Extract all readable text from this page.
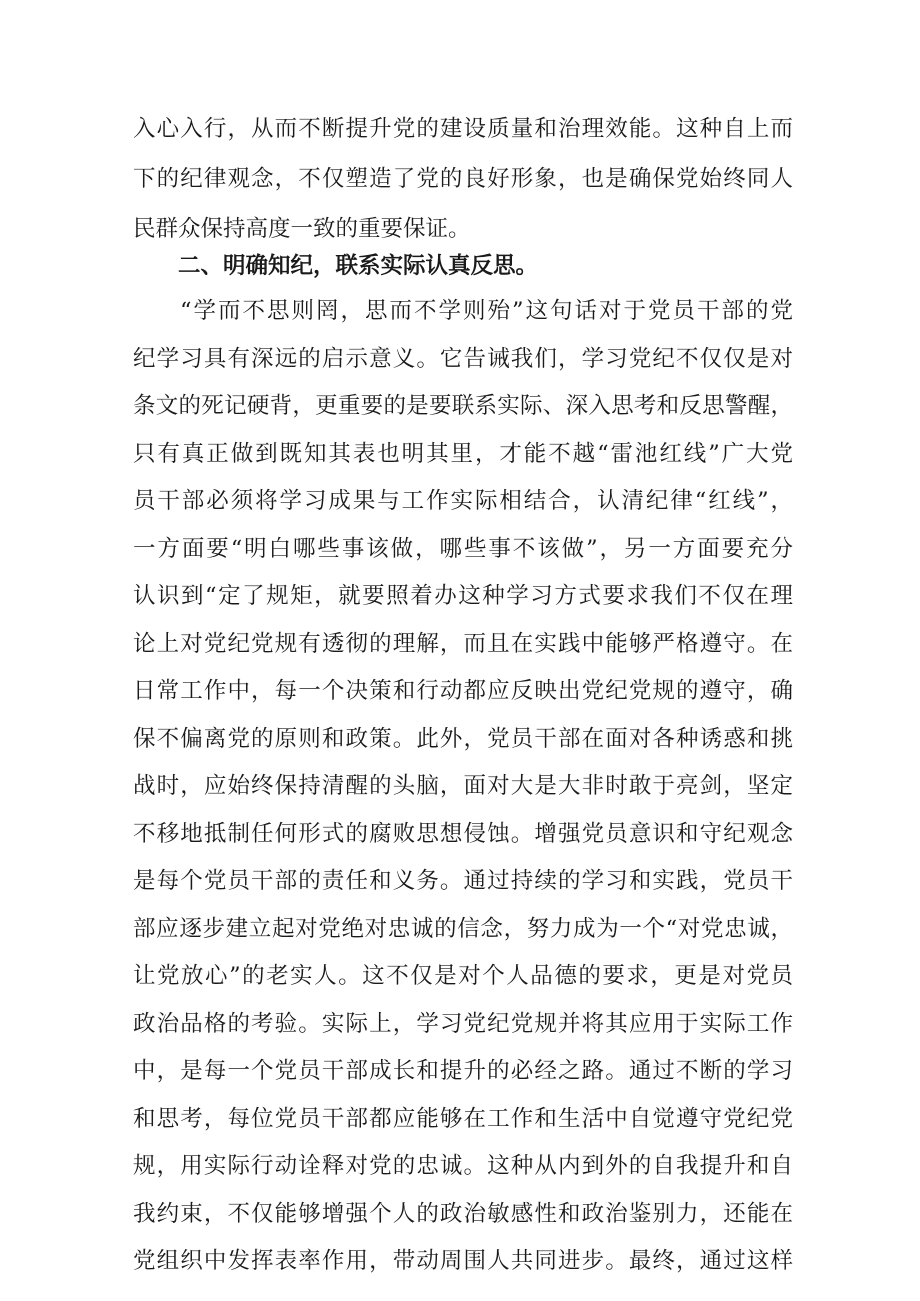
入心入行，从而不断提升党的建设质量和治理效能。这种自上而
下的纪律观念，不仅塑造了党的良好形象，也是确保党始终同人
民群众保持高度一致的重要保证。
二、明确知纪，联系实际认真反思。
“学而不思则罔，思而不学则殆”这句话对于党员干部的党
纪学习具有深远的启示意义。它告诫我们，学习党纪不仅仅是对
条文的死记硬背，更重要的是要联系实际、深入思考和反思警醒，
只有真正做到既知其表也明其里，才能不越“雷池红线”广大党
员干部必须将学习成果与工作实际相结合，认清纪律“红线”，
一方面要“明白哪些事该做，哪些事不该做”，另一方面要充分
认识到“定了规矩，就要照着办这种学习方式要求我们不仅在理
论上对党纪党规有透彻的理解，而且在实践中能够严格遵守。在
日常工作中，每一个决策和行动都应反映出党纪党规的遵守，确
保不偏离党的原则和政策。此外，党员干部在面对各种诱惑和挑
战时，应始终保持清醒的头脑，面对大是大非时敢于亮剑，坚定
不移地抵制任何形式的腐败思想侵蚀。增强党员意识和守纪观念
是每个党员干部的责任和义务。通过持续的学习和实践，党员干
部应逐步建立起对党绝对忠诚的信念，努力成为一个“对党忠诚，
让党放心”的老实人。这不仅是对个人品德的要求，更是对党员
政治品格的考验。实际上，学习党纪党规并将其应用于实际工作
中，是每一个党员干部成长和提升的必经之路。通过不断的学习
和思考，每位党员干部都应能够在工作和生活中自觉遵守党纪党
规，用实际行动诠释对党的忠诚。这种从内到外的自我提升和自
我约束，不仅能够增强个人的政治敏感性和政治鉴别力，还能在
党组织中发挥表率作用，带动周围人共同进步。最终，通过这样
